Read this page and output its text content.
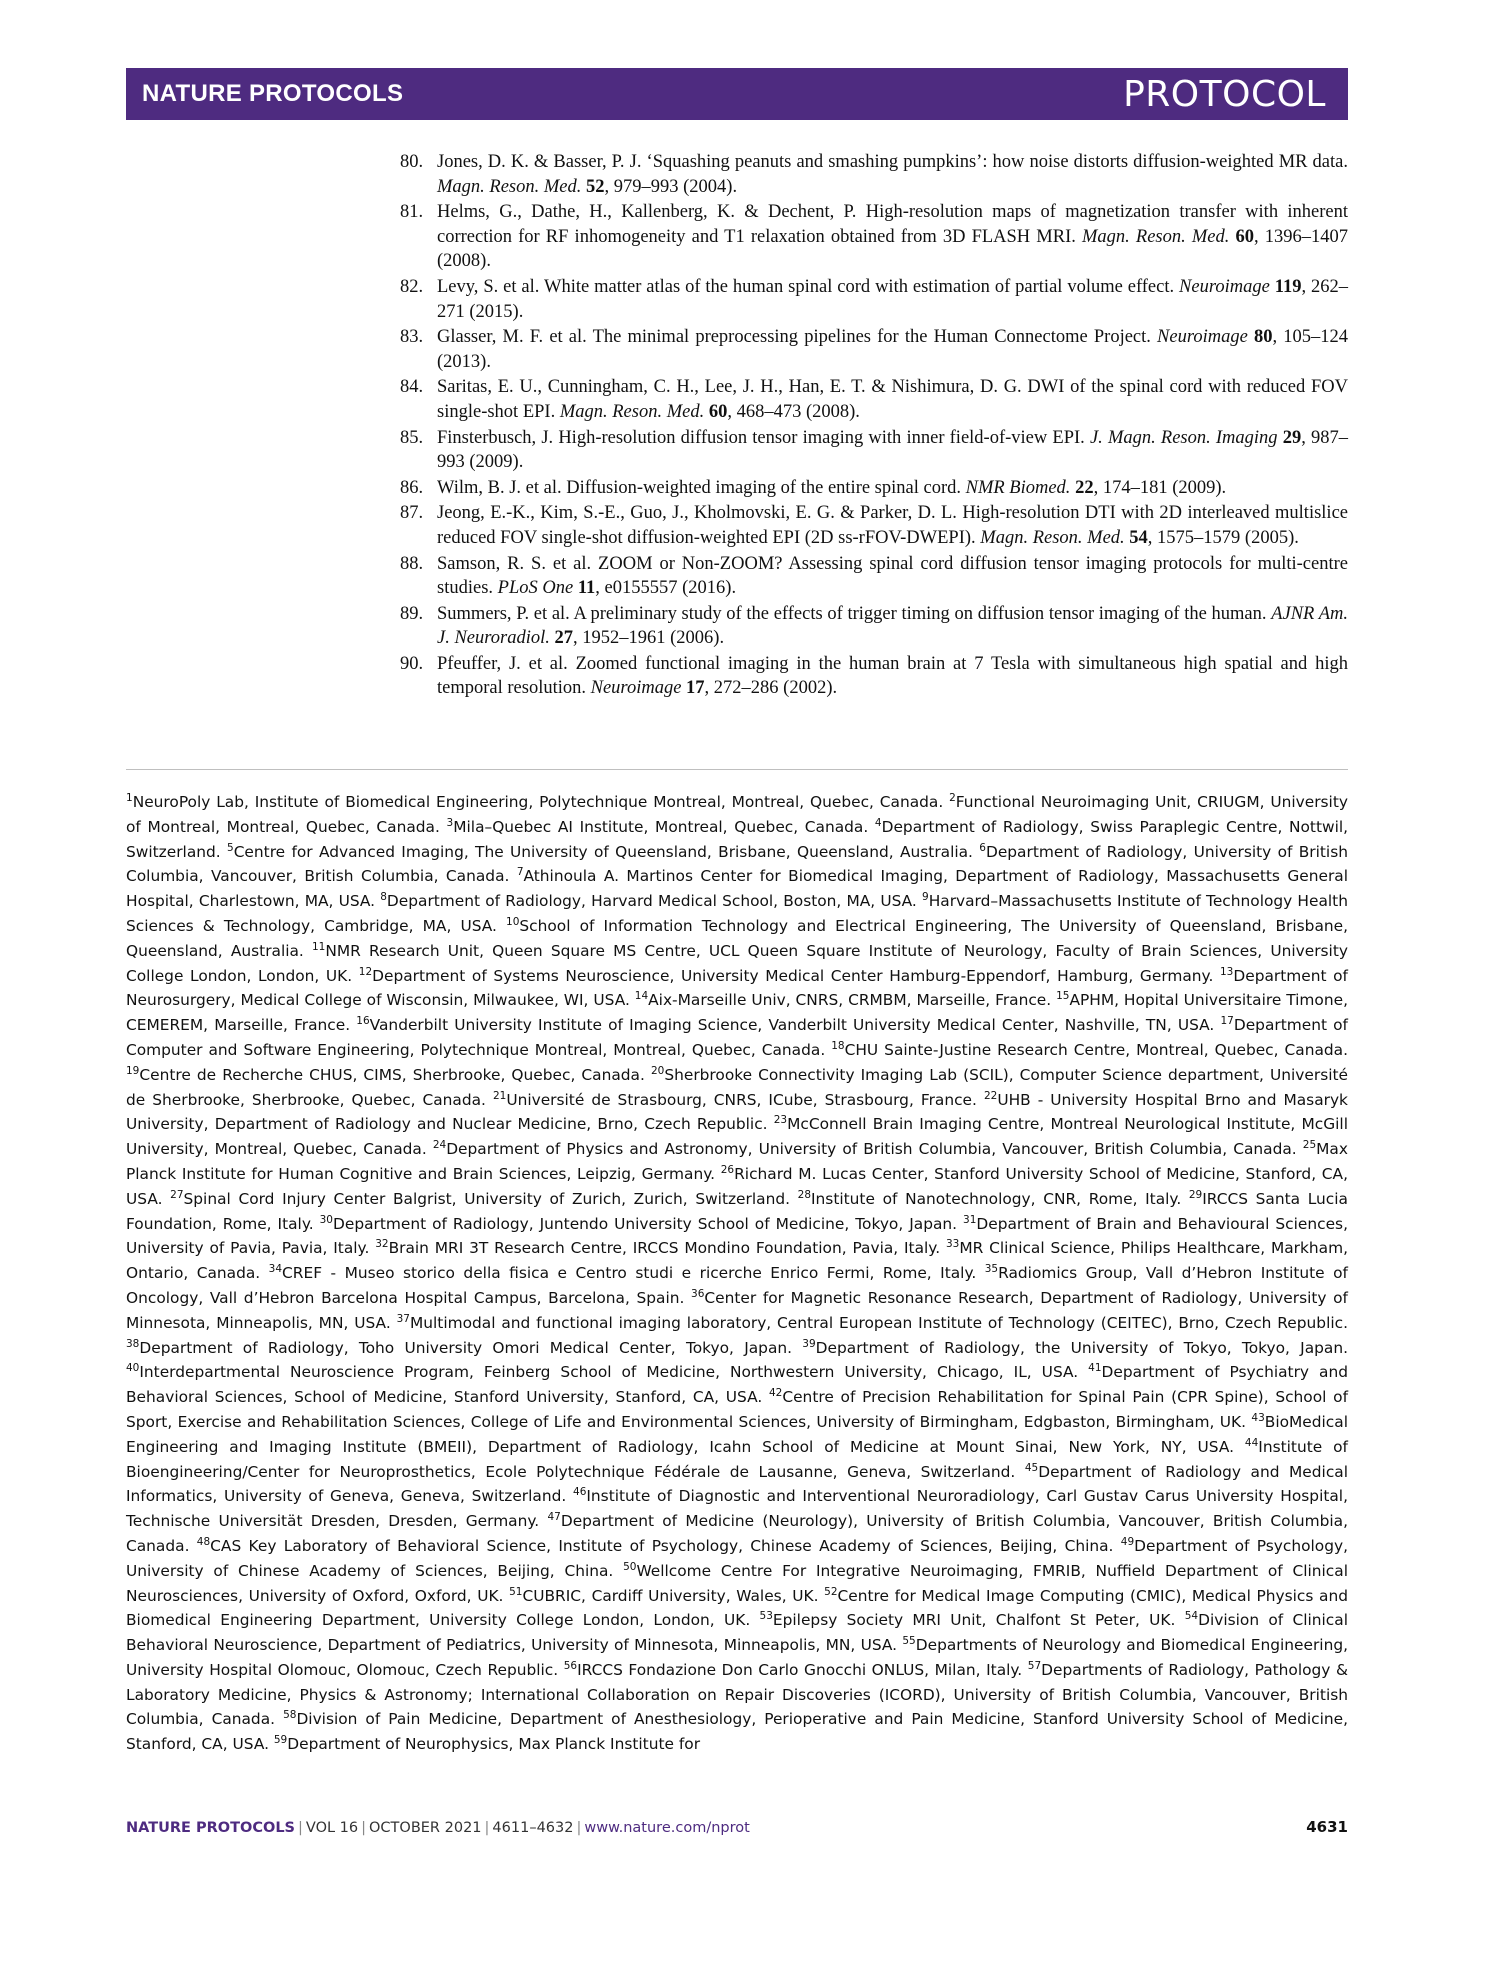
NATURE PROTOCOLS	PROTOCOL
80. Jones, D. K. & Basser, P. J. ‘Squashing peanuts and smashing pumpkins’: how noise distorts diffusion-weighted MR data. Magn. Reson. Med. 52, 979–993 (2004).
81. Helms, G., Dathe, H., Kallenberg, K. & Dechent, P. High-resolution maps of magnetization transfer with inherent correction for RF inhomogeneity and T1 relaxation obtained from 3D FLASH MRI. Magn. Reson. Med. 60, 1396–1407 (2008).
82. Levy, S. et al. White matter atlas of the human spinal cord with estimation of partial volume effect. Neuroimage 119, 262–271 (2015).
83. Glasser, M. F. et al. The minimal preprocessing pipelines for the Human Connectome Project. Neuroimage 80, 105–124 (2013).
84. Saritas, E. U., Cunningham, C. H., Lee, J. H., Han, E. T. & Nishimura, D. G. DWI of the spinal cord with reduced FOV single-shot EPI. Magn. Reson. Med. 60, 468–473 (2008).
85. Finsterbusch, J. High-resolution diffusion tensor imaging with inner field-of-view EPI. J. Magn. Reson. Imaging 29, 987–993 (2009).
86. Wilm, B. J. et al. Diffusion-weighted imaging of the entire spinal cord. NMR Biomed. 22, 174–181 (2009).
87. Jeong, E.-K., Kim, S.-E., Guo, J., Kholmovski, E. G. & Parker, D. L. High-resolution DTI with 2D interleaved multislice reduced FOV single-shot diffusion-weighted EPI (2D ss-rFOV-DWEPI). Magn. Reson. Med. 54, 1575–1579 (2005).
88. Samson, R. S. et al. ZOOM or Non-ZOOM? Assessing spinal cord diffusion tensor imaging protocols for multi-centre studies. PLoS One 11, e0155557 (2016).
89. Summers, P. et al. A preliminary study of the effects of trigger timing on diffusion tensor imaging of the human. AJNR Am. J. Neuroradiol. 27, 1952–1961 (2006).
90. Pfeuffer, J. et al. Zoomed functional imaging in the human brain at 7 Tesla with simultaneous high spatial and high temporal resolution. Neuroimage 17, 272–286 (2002).

$^1$NeuroPoly Lab, Institute of Biomedical Engineering, Polytechnique Montreal, Montreal, Quebec, Canada. $^2$Functional Neuroimaging Unit, CRIUGM, University of Montreal, Montreal, Quebec, Canada. $^3$Mila–Quebec AI Institute, Montreal, Quebec, Canada. $^4$Department of Radiology, Swiss Paraplegic Centre, Nottwil, Switzerland. $^5$Centre for Advanced Imaging, The University of Queensland, Brisbane, Queensland, Australia. $^6$Department of Radiology, University of British Columbia, Vancouver, British Columbia, Canada. $^7$Athinoula A. Martinos Center for Biomedical Imaging, Department of Radiology, Massachusetts General Hospital, Charlestown, MA, USA. $^8$Department of Radiology, Harvard Medical School, Boston, MA, USA. $^9$Harvard–Massachusetts Institute of Technology Health Sciences & Technology, Cambridge, MA, USA. $^{10}$School of Information Technology and Electrical Engineering, The University of Queensland, Brisbane, Queensland, Australia. $^{11}$NMR Research Unit, Queen Square MS Centre, UCL Queen Square Institute of Neurology, Faculty of Brain Sciences, University College London, London, UK. $^{12}$Department of Systems Neuroscience, University Medical Center Hamburg-Eppendorf, Hamburg, Germany. $^{13}$Department of Neurosurgery, Medical College of Wisconsin, Milwaukee, WI, USA. $^{14}$Aix-Marseille Univ, CNRS, CRMBM, Marseille, France. $^{15}$APHM, Hopital Universitaire Timone, CEMEREM, Marseille, France. $^{16}$Vanderbilt University Institute of Imaging Science, Vanderbilt University Medical Center, Nashville, TN, USA. $^{17}$Department of Computer and Software Engineering, Polytechnique Montreal, Montreal, Quebec, Canada. $^{18}$CHU Sainte-Justine Research Centre, Montreal, Quebec, Canada. $^{19}$Centre de Recherche CHUS, CIMS, Sherbrooke, Quebec, Canada. $^{20}$Sherbrooke Connectivity Imaging Lab (SCIL), Computer Science department, Université de Sherbrooke, Sherbrooke, Quebec, Canada. $^{21}$Université de Strasbourg, CNRS, ICube, Strasbourg, France. $^{22}$UHB - University Hospital Brno and Masaryk University, Department of Radiology and Nuclear Medicine, Brno, Czech Republic. $^{23}$McConnell Brain Imaging Centre, Montreal Neurological Institute, McGill University, Montreal, Quebec, Canada. $^{24}$Department of Physics and Astronomy, University of British Columbia, Vancouver, British Columbia, Canada. $^{25}$Max Planck Institute for Human Cognitive and Brain Sciences, Leipzig, Germany. $^{26}$Richard M. Lucas Center, Stanford University School of Medicine, Stanford, CA, USA. $^{27}$Spinal Cord Injury Center Balgrist, University of Zurich, Zurich, Switzerland. $^{28}$Institute of Nanotechnology, CNR, Rome, Italy. $^{29}$IRCCS Santa Lucia Foundation, Rome, Italy. $^{30}$Department of Radiology, Juntendo University School of Medicine, Tokyo, Japan. $^{31}$Department of Brain and Behavioural Sciences, University of Pavia, Pavia, Italy. $^{32}$Brain MRI 3T Research Centre, IRCCS Mondino Foundation, Pavia, Italy. $^{33}$MR Clinical Science, Philips Healthcare, Markham, Ontario, Canada. $^{34}$CREF - Museo storico della fisica e Centro studi e ricerche Enrico Fermi, Rome, Italy. $^{35}$Radiomics Group, Vall d’Hebron Institute of Oncology, Vall d’Hebron Barcelona Hospital Campus, Barcelona, Spain. $^{36}$Center for Magnetic Resonance Research, Department of Radiology, University of Minnesota, Minneapolis, MN, USA. $^{37}$Multimodal and functional imaging laboratory, Central European Institute of Technology (CEITEC), Brno, Czech Republic. $^{38}$Department of Radiology, Toho University Omori Medical Center, Tokyo, Japan. $^{39}$Department of Radiology, the University of Tokyo, Tokyo, Japan. $^{40}$Interdepartmental Neuroscience Program, Feinberg School of Medicine, Northwestern University, Chicago, IL, USA. $^{41}$Department of Psychiatry and Behavioral Sciences, School of Medicine, Stanford University, Stanford, CA, USA. $^{42}$Centre of Precision Rehabilitation for Spinal Pain (CPR Spine), School of Sport, Exercise and Rehabilitation Sciences, College of Life and Environmental Sciences, University of Birmingham, Edgbaston, Birmingham, UK. $^{43}$BioMedical Engineering and Imaging Institute (BMEII), Department of Radiology, Icahn School of Medicine at Mount Sinai, New York, NY, USA. $^{44}$Institute of Bioengineering/Center for Neuroprosthetics, Ecole Polytechnique Fédérale de Lausanne, Geneva, Switzerland. $^{45}$Department of Radiology and Medical Informatics, University of Geneva, Geneva, Switzerland. $^{46}$Institute of Diagnostic and Interventional Neuroradiology, Carl Gustav Carus University Hospital, Technische Universität Dresden, Dresden, Germany. $^{47}$Department of Medicine (Neurology), University of British Columbia, Vancouver, British Columbia, Canada. $^{48}$CAS Key Laboratory of Behavioral Science, Institute of Psychology, Chinese Academy of Sciences, Beijing, China. $^{49}$Department of Psychology, University of Chinese Academy of Sciences, Beijing, China. $^{50}$Wellcome Centre For Integrative Neuroimaging, FMRIB, Nuffield Department of Clinical Neurosciences, University of Oxford, Oxford, UK. $^{51}$CUBRIC, Cardiff University, Wales, UK. $^{52}$Centre for Medical Image Computing (CMIC), Medical Physics and Biomedical Engineering Department, University College London, London, UK. $^{53}$Epilepsy Society MRI Unit, Chalfont St Peter, UK. $^{54}$Division of Clinical Behavioral Neuroscience, Department of Pediatrics, University of Minnesota, Minneapolis, MN, USA. $^{55}$Departments of Neurology and Biomedical Engineering, University Hospital Olomouc, Olomouc, Czech Republic. $^{56}$IRCCS Fondazione Don Carlo Gnocchi ONLUS, Milan, Italy. $^{57}$Departments of Radiology, Pathology & Laboratory Medicine, Physics & Astronomy; International Collaboration on Repair Discoveries (ICORD), University of British Columbia, Vancouver, British Columbia, Canada. $^{58}$Division of Pain Medicine, Department of Anesthesiology, Perioperative and Pain Medicine, Stanford University School of Medicine, Stanford, CA, USA. $^{59}$Department of Neurophysics, Max Planck Institute for

NATURE PROTOCOLS | VOL 16 | OCTOBER 2021 | 4611–4632 | www.nature.com/nprot	4631
